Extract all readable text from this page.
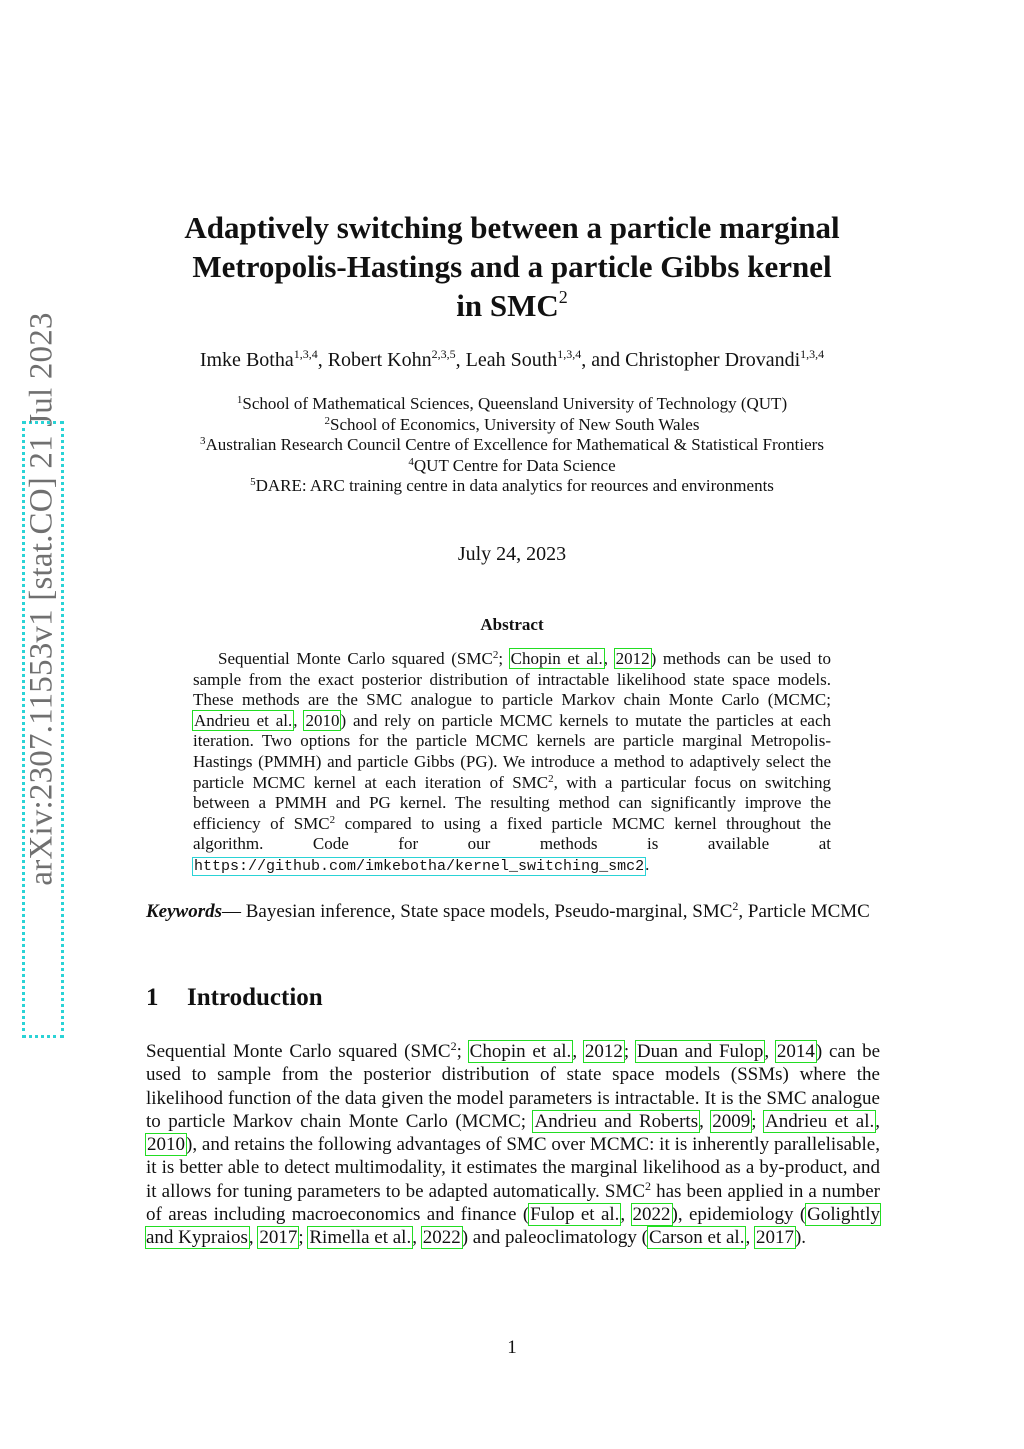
arXiv:2307.11553v1 [stat.CO] 21 Jul 2023
Adaptively switching between a particle marginal
Metropolis-Hastings and a particle Gibbs kernel
in SMC$^2$
Imke Botha$^{1,3,4}$, Robert Kohn$^{2,3,5}$, Leah South$^{1,3,4}$, and Christopher Drovandi$^{1,3,4}$
$^1$School of Mathematical Sciences, Queensland University of Technology (QUT)
$^2$School of Economics, University of New South Wales
$^3$Australian Research Council Centre of Excellence for Mathematical & Statistical Frontiers
$^4$QUT Centre for Data Science
$^5$DARE: ARC training centre in data analytics for reources and environments
July 24, 2023
Abstract
Sequential Monte Carlo squared (SMC$^2$; Chopin et al., 2012) methods can be used to sample from the exact posterior distribution of intractable likelihood state space models. These methods are the SMC analogue to particle Markov chain Monte Carlo (MCMC; Andrieu et al., 2010) and rely on particle MCMC kernels to mutate the particles at each iteration. Two options for the particle MCMC kernels are particle marginal Metropolis-Hastings (PMMH) and particle Gibbs (PG). We introduce a method to adaptively select the particle MCMC kernel at each iteration of SMC$^2$, with a particular focus on switching between a PMMH and PG kernel. The resulting method can significantly improve the efficiency of SMC$^2$ compared to using a fixed particle MCMC kernel throughout the algorithm. Code for our methods is available at https://github.com/imkebotha/kernel_switching_smc2.
Keywords— Bayesian inference, State space models, Pseudo-marginal, SMC$^2$, Particle MCMC
1 Introduction
Sequential Monte Carlo squared (SMC$^2$; Chopin et al., 2012; Duan and Fulop, 2014) can be used to sample from the posterior distribution of state space models (SSMs) where the likelihood function of the data given the model parameters is intractable. It is the SMC analogue to particle Markov chain Monte Carlo (MCMC; Andrieu and Roberts, 2009; Andrieu et al., 2010), and retains the following advantages of SMC over MCMC: it is inherently parallelisable, it is better able to detect multimodality, it estimates the marginal likelihood as a by-product, and it allows for tuning parameters to be adapted automatically. SMC$^2$ has been applied in a number of areas including macroeconomics and finance (Fulop et al., 2022), epidemiology (Golightly and Kypraios, 2017; Rimella et al., 2022) and paleoclimatology (Carson et al., 2017).
1
